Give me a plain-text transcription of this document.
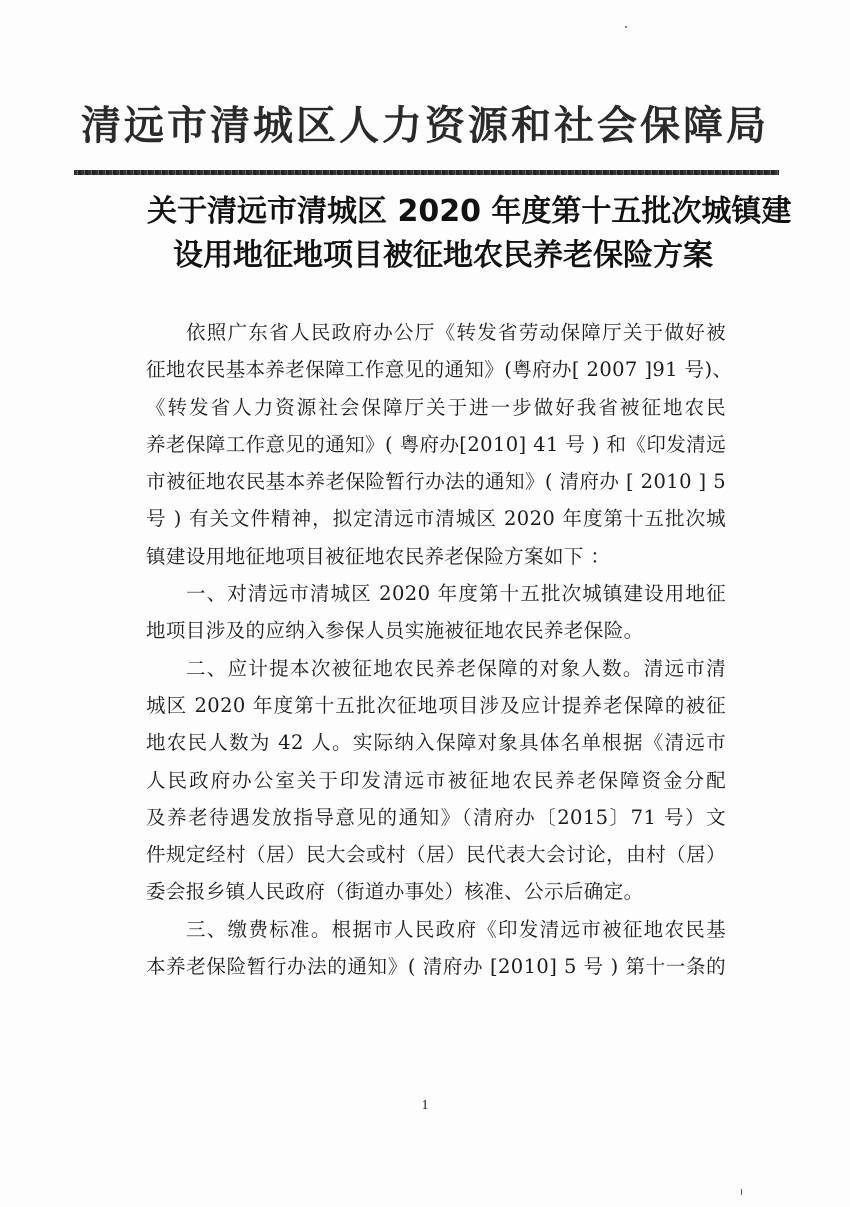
清远市清城区人力资源和社会保障局
关于清远市清城区 2020 年度第十五批次城镇建
设用地征地项目被征地农民养老保险方案
依照广东省人民政府办公厅《转发省劳动保障厅关于做好被
征地农民基本养老保障工作意见的通知》(粤府办[ 2007 ]91 号)、
《转发省人力资源社会保障厅关于进一步做好我省被征地农民
养老保障工作意见的通知》( 粤府办[2010] 41 号 ) 和《印发清远
市被征地农民基本养老保险暂行办法的通知》( 清府办 [ 2010 ] 5
号 ) 有关文件精神，拟定清远市清城区 2020 年度第十五批次城
镇建设用地征地项目被征地农民养老保险方案如下 ：
一、对清远市清城区 2020 年度第十五批次城镇建设用地征
地项目涉及的应纳入参保人员实施被征地农民养老保险。
二、应计提本次被征地农民养老保障的对象人数。清远市清
城区 2020 年度第十五批次征地项目涉及应计提养老保障的被征
地农民人数为 42 人。实际纳入保障对象具体名单根据《清远市
人民政府办公室关于印发清远市被征地农民养老保障资金分配
及养老待遇发放指导意见的通知》（清府办〔2015〕71 号）文
件规定经村（居）民大会或村（居）民代表大会讨论，由村（居）
委会报乡镇人民政府（街道办事处）核准、公示后确定。
三、缴费标准。根据市人民政府《印发清远市被征地农民基
本养老保险暂行办法的通知》( 清府办 [2010] 5 号 ) 第十一条的
1
